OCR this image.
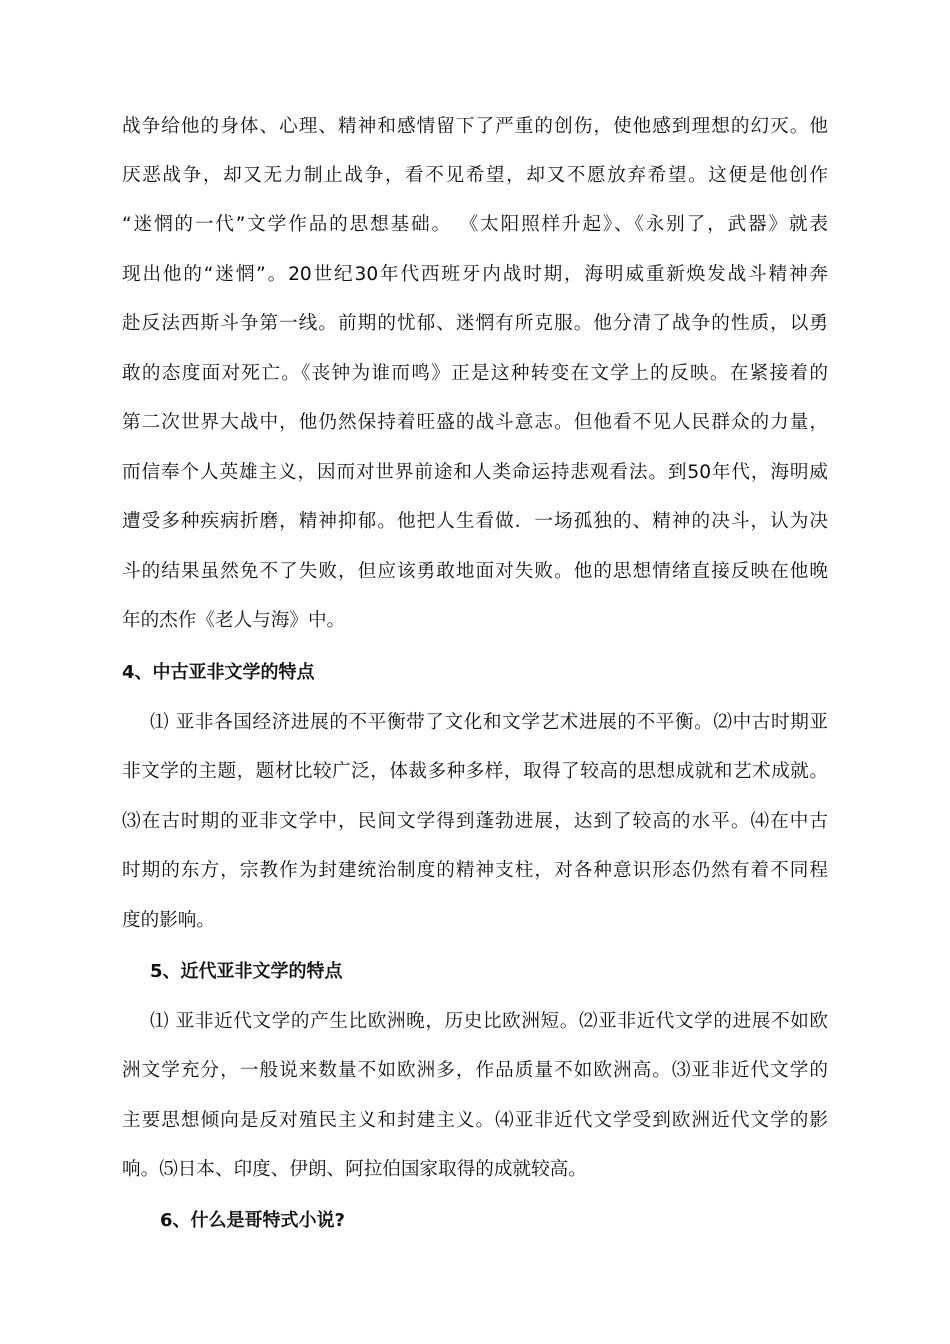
战争给他的身体、心理、精神和感情留下了严重的创伤，使他感到理想的幻灭。他
厌恶战争，却又无力制止战争，看不见希望，却又不愿放弃希望。这便是他创作
“迷惘的一代”文学作品的思想基础。 《太阳照样升起》、《永别了，武器》就表
现出他的“迷惘”。20世纪30年代西班牙内战时期，海明威重新焕发战斗精神奔
赴反法西斯斗争第一线。前期的忧郁、迷惘有所克服。他分清了战争的性质，以勇
敢的态度面对死亡。《丧钟为谁而鸣》正是这种转变在文学上的反映。在紧接着的
第二次世界大战中，他仍然保持着旺盛的战斗意志。但他看不见人民群众的力量，
而信奉个人英雄主义，因而对世界前途和人类命运持悲观看法。到50年代，海明威
遭受多种疾病折磨，精神抑郁。他把人生看做．一场孤独的、精神的决斗，认为决
斗的结果虽然免不了失败，但应该勇敢地面对失败。他的思想情绪直接反映在他晚
年的杰作《老人与海》中。
4、中古亚非文学的特点
⑴ 亚非各国经济进展的不平衡带了文化和文学艺术进展的不平衡。⑵中古时期亚
非文学的主题，题材比较广泛，体裁多种多样，取得了较高的思想成就和艺术成就。
⑶在古时期的亚非文学中，民间文学得到蓬勃进展，达到了较高的水平。⑷在中古
时期的东方，宗教作为封建统治制度的精神支柱，对各种意识形态仍然有着不同程
度的影响。
5、近代亚非文学的特点
⑴ 亚非近代文学的产生比欧洲晚，历史比欧洲短。⑵亚非近代文学的进展不如欧
洲文学充分，一般说来数量不如欧洲多，作品质量不如欧洲高。⑶亚非近代文学的
主要思想倾向是反对殖民主义和封建主义。⑷亚非近代文学受到欧洲近代文学的影
响。⑸日本、印度、伊朗、阿拉伯国家取得的成就较高。
6、什么是哥特式小说?
